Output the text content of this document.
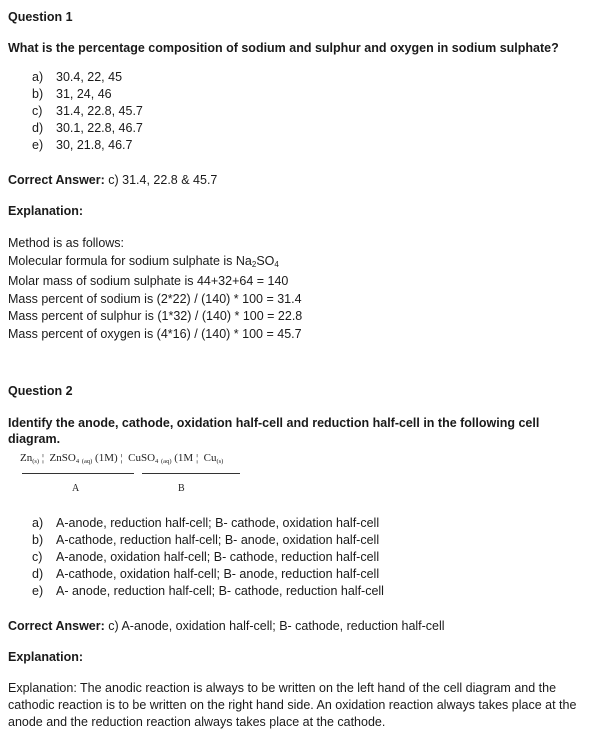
Question 1
What is the percentage composition of sodium and sulphur and oxygen in sodium sulphate?
a) 30.4, 22, 45
b) 31, 24, 46
c) 31.4, 22.8, 45.7
d) 30.1, 22.8, 46.7
e) 30, 21.8, 46.7
Correct Answer: c) 31.4, 22.8 & 45.7
Explanation:
Method is as follows:
Molecular formula for sodium sulphate is Na2SO4
Molar mass of sodium sulphate is 44+32+64 = 140
Mass percent of sodium is (2*22) / (140) * 100 = 31.4
Mass percent of sulphur is (1*32) / (140) * 100 = 22.8
Mass percent of oxygen is (4*16) / (140) * 100 = 45.7
Question 2
Identify the anode, cathode, oxidation half-cell and reduction half-cell in the following cell diagram.
$Zn_{(s)}$ ¦  ZnSO$_4$ $_{(aq)}$ (1M) ¦  CuSO$_4$ $_{(aq)}$ (1M ¦  $Cu_{(s)}$
A	B
a) A-anode, reduction half-cell; B- cathode, oxidation half-cell
b) A-cathode, reduction half-cell; B- anode, oxidation half-cell
c) A-anode, oxidation half-cell; B- cathode, reduction half-cell
d) A-cathode, oxidation half-cell; B- anode, reduction half-cell
e) A- anode, reduction half-cell; B- cathode, reduction half-cell
Correct Answer: c) A-anode, oxidation half-cell; B- cathode, reduction half-cell
Explanation:
Explanation: The anodic reaction is always to be written on the left hand of the cell diagram and the cathodic reaction is to be written on the right hand side. An oxidation reaction always takes place at the anode and the reduction reaction always takes place at the cathode.
